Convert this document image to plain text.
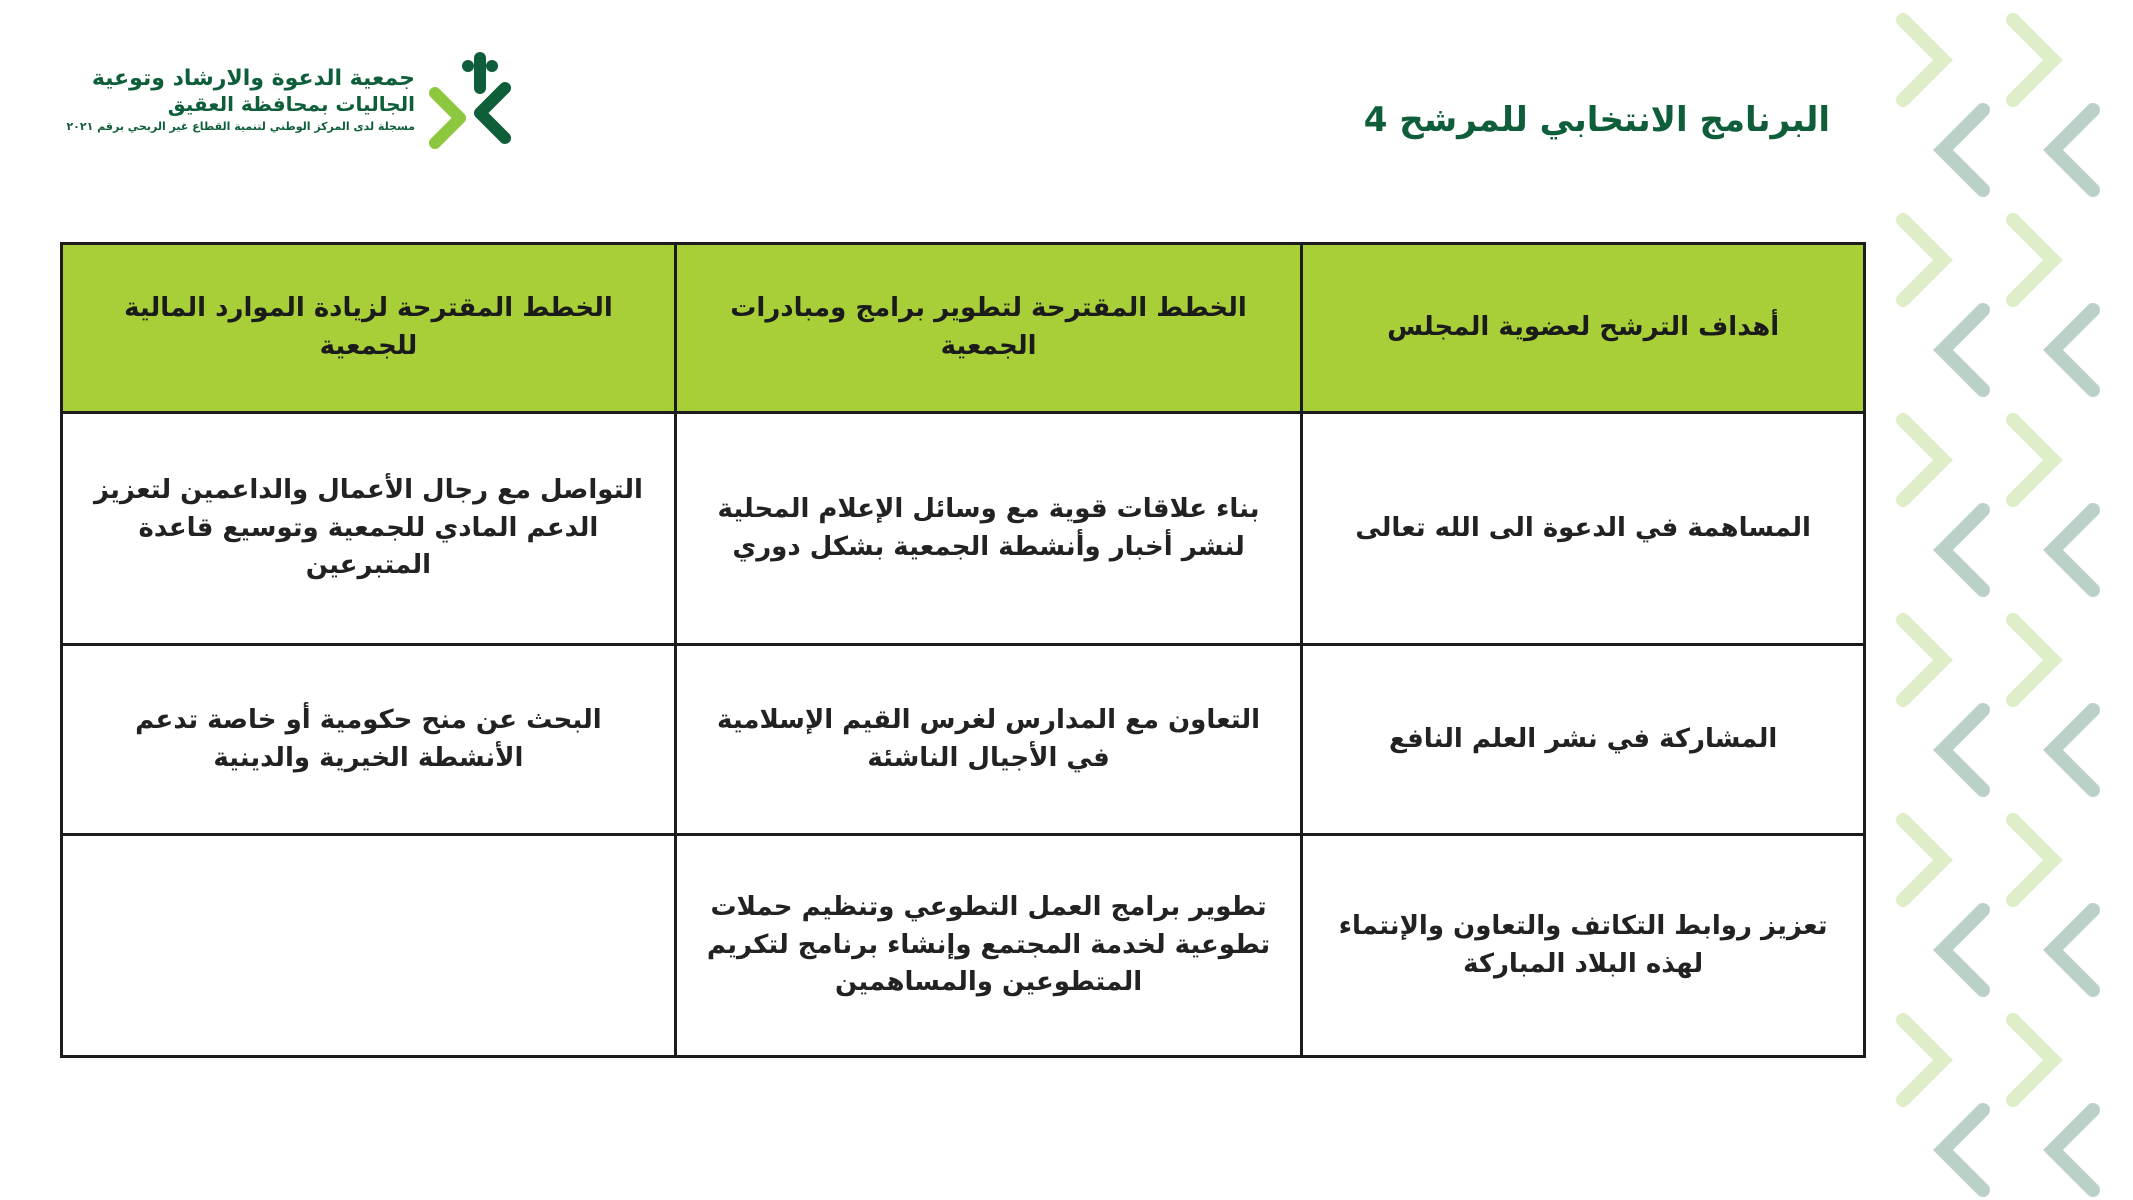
جمعية الدعوة والارشاد وتوعية
الجاليات بمحافظة العقيق
مسجلة لدى المركز الوطني لتنمية القطاع غير الربحي برقم ٢٠٢١	البرنامج الانتخابي للمرشح 4
أهداف الترشح لعضوية المجلس	الخطط المقترحة لتطوير برامج ومبادرات الجمعية	الخطط المقترحة لزيادة الموارد المالية للجمعية
المساهمة في الدعوة الى الله تعالى	بناء علاقات قوية مع وسائل الإعلام المحلية لنشر أخبار وأنشطة الجمعية بشكل دوري	التواصل مع رجال الأعمال والداعمين لتعزيز الدعم المادي للجمعية وتوسيع قاعدة المتبرعين
المشاركة في نشر العلم النافع	التعاون مع المدارس لغرس القيم الإسلامية في الأجيال الناشئة	البحث عن منح حكومية أو خاصة تدعم الأنشطة الخيرية والدينية
تعزيز روابط التكاتف والتعاون والإنتماء لهذه البلاد المباركة	تطوير برامج العمل التطوعي وتنظيم حملات تطوعية لخدمة المجتمع وإنشاء برنامج لتكريم المتطوعين والمساهمين	
